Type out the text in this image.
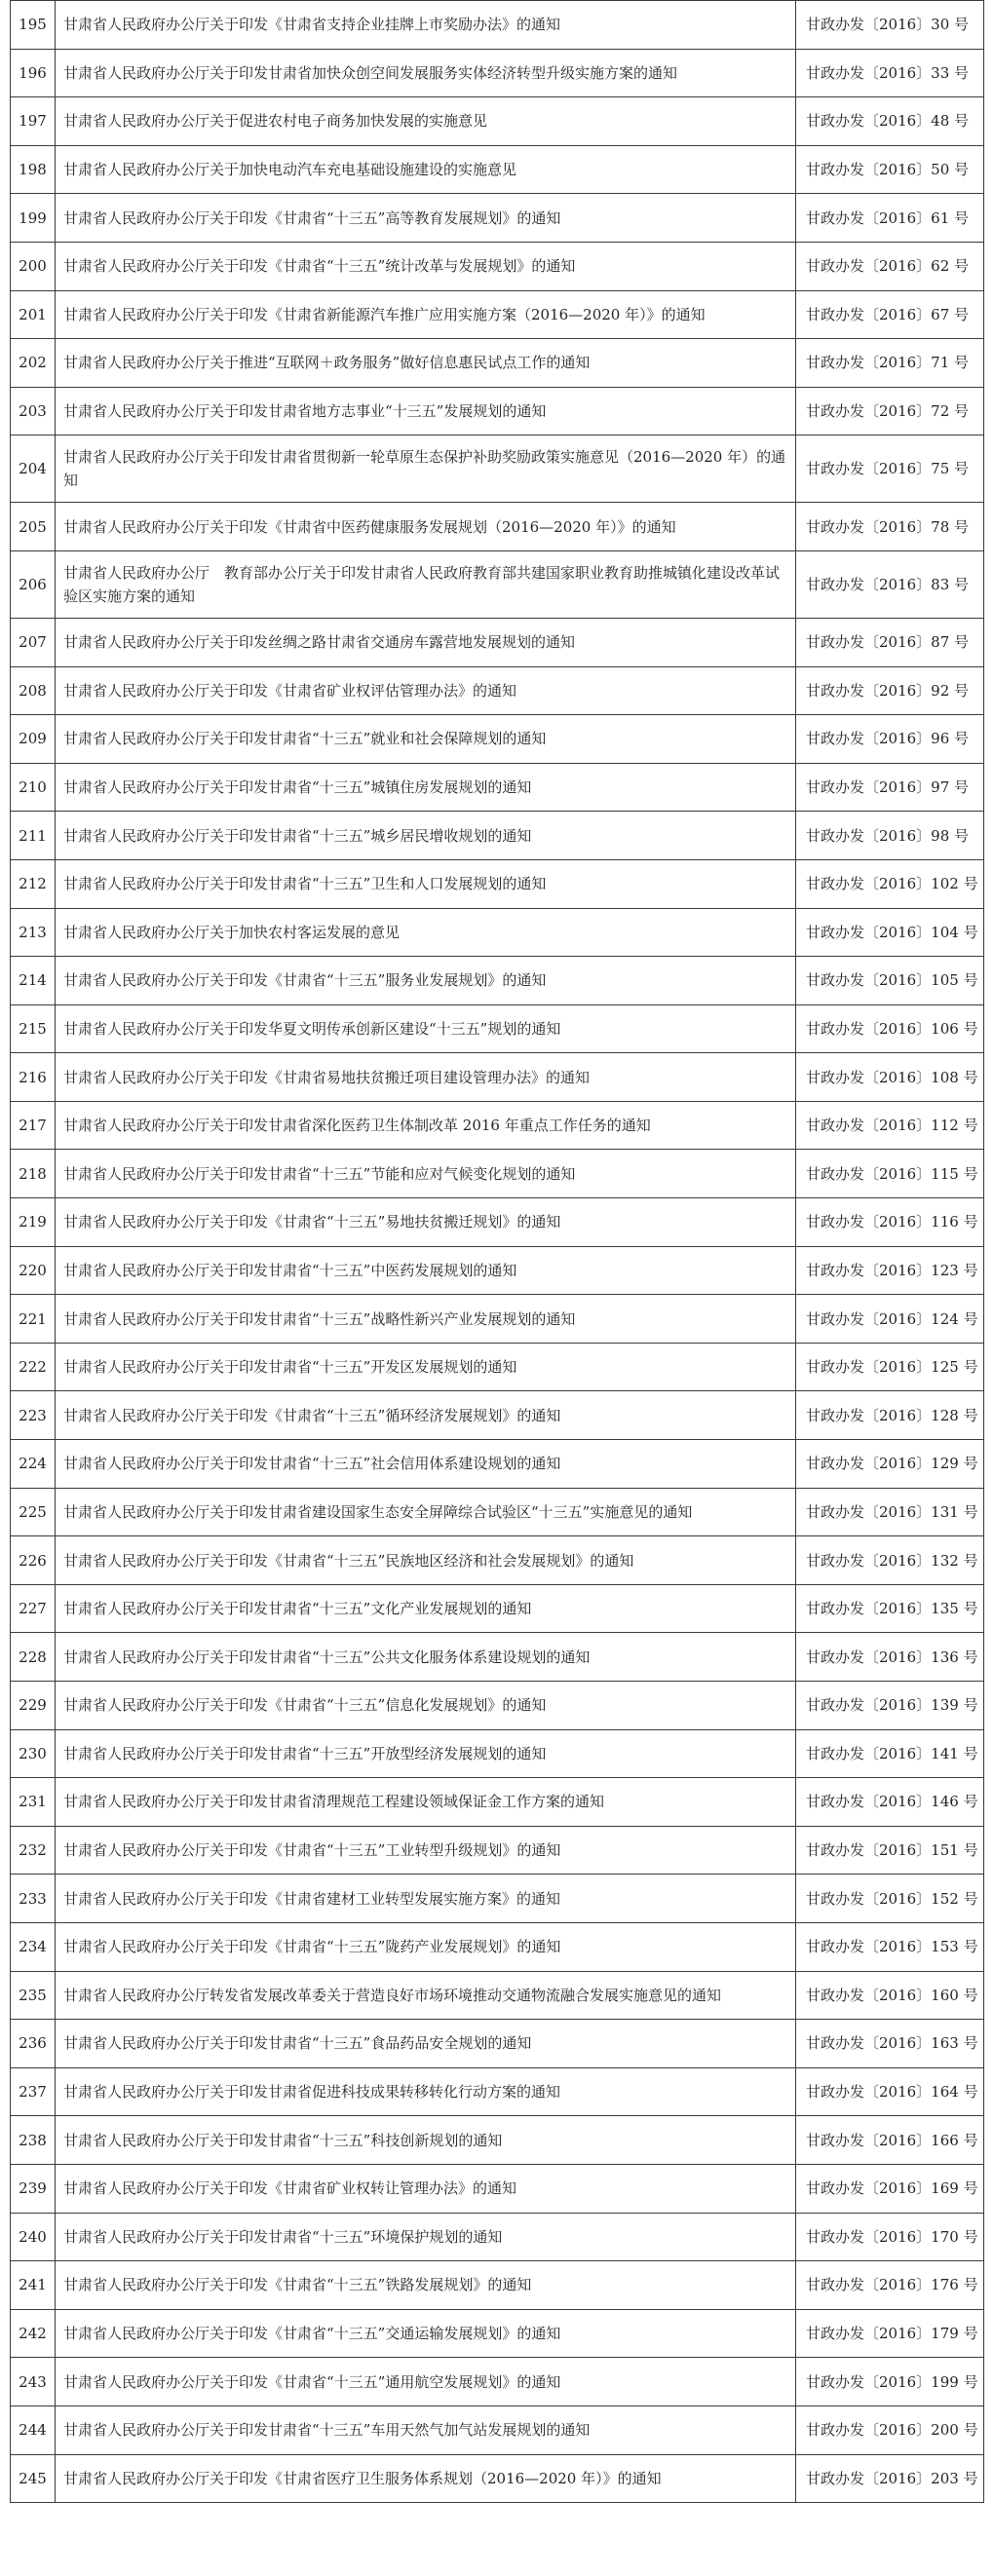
195	甘肃省人民政府办公厅关于印发《甘肃省支持企业挂牌上市奖励办法》的通知	甘政办发〔2016〕30 号
196	甘肃省人民政府办公厅关于印发甘肃省加快众创空间发展服务实体经济转型升级实施方案的通知	甘政办发〔2016〕33 号
197	甘肃省人民政府办公厅关于促进农村电子商务加快发展的实施意见	甘政办发〔2016〕48 号
198	甘肃省人民政府办公厅关于加快电动汽车充电基础设施建设的实施意见	甘政办发〔2016〕50 号
199	甘肃省人民政府办公厅关于印发《甘肃省“十三五”高等教育发展规划》的通知	甘政办发〔2016〕61 号
200	甘肃省人民政府办公厅关于印发《甘肃省“十三五”统计改革与发展规划》的通知	甘政办发〔2016〕62 号
201	甘肃省人民政府办公厅关于印发《甘肃省新能源汽车推广应用实施方案（2016—2020 年）》的通知	甘政办发〔2016〕67 号
202	甘肃省人民政府办公厅关于推进“互联网＋政务服务”做好信息惠民试点工作的通知	甘政办发〔2016〕71 号
203	甘肃省人民政府办公厅关于印发甘肃省地方志事业“十三五”发展规划的通知	甘政办发〔2016〕72 号
204	甘肃省人民政府办公厅关于印发甘肃省贯彻新一轮草原生态保护补助奖励政策实施意见（2016—2020 年）的通知	甘政办发〔2016〕75 号
205	甘肃省人民政府办公厅关于印发《甘肃省中医药健康服务发展规划（2016—2020 年）》的通知	甘政办发〔2016〕78 号
206	甘肃省人民政府办公厅　教育部办公厅关于印发甘肃省人民政府教育部共建国家职业教育助推城镇化建设改革试验区实施方案的通知	甘政办发〔2016〕83 号
207	甘肃省人民政府办公厅关于印发丝绸之路甘肃省交通房车露营地发展规划的通知	甘政办发〔2016〕87 号
208	甘肃省人民政府办公厅关于印发《甘肃省矿业权评估管理办法》的通知	甘政办发〔2016〕92 号
209	甘肃省人民政府办公厅关于印发甘肃省“十三五”就业和社会保障规划的通知	甘政办发〔2016〕96 号
210	甘肃省人民政府办公厅关于印发甘肃省“十三五”城镇住房发展规划的通知	甘政办发〔2016〕97 号
211	甘肃省人民政府办公厅关于印发甘肃省“十三五”城乡居民增收规划的通知	甘政办发〔2016〕98 号
212	甘肃省人民政府办公厅关于印发甘肃省“十三五”卫生和人口发展规划的通知	甘政办发〔2016〕102 号
213	甘肃省人民政府办公厅关于加快农村客运发展的意见	甘政办发〔2016〕104 号
214	甘肃省人民政府办公厅关于印发《甘肃省“十三五”服务业发展规划》的通知	甘政办发〔2016〕105 号
215	甘肃省人民政府办公厅关于印发华夏文明传承创新区建设“十三五”规划的通知	甘政办发〔2016〕106 号
216	甘肃省人民政府办公厅关于印发《甘肃省易地扶贫搬迁项目建设管理办法》的通知	甘政办发〔2016〕108 号
217	甘肃省人民政府办公厅关于印发甘肃省深化医药卫生体制改革 2016 年重点工作任务的通知	甘政办发〔2016〕112 号
218	甘肃省人民政府办公厅关于印发甘肃省“十三五”节能和应对气候变化规划的通知	甘政办发〔2016〕115 号
219	甘肃省人民政府办公厅关于印发《甘肃省“十三五”易地扶贫搬迁规划》的通知	甘政办发〔2016〕116 号
220	甘肃省人民政府办公厅关于印发甘肃省“十三五”中医药发展规划的通知	甘政办发〔2016〕123 号
221	甘肃省人民政府办公厅关于印发甘肃省“十三五”战略性新兴产业发展规划的通知	甘政办发〔2016〕124 号
222	甘肃省人民政府办公厅关于印发甘肃省“十三五”开发区发展规划的通知	甘政办发〔2016〕125 号
223	甘肃省人民政府办公厅关于印发《甘肃省“十三五”循环经济发展规划》的通知	甘政办发〔2016〕128 号
224	甘肃省人民政府办公厅关于印发甘肃省“十三五”社会信用体系建设规划的通知	甘政办发〔2016〕129 号
225	甘肃省人民政府办公厅关于印发甘肃省建设国家生态安全屏障综合试验区“十三五”实施意见的通知	甘政办发〔2016〕131 号
226	甘肃省人民政府办公厅关于印发《甘肃省“十三五”民族地区经济和社会发展规划》的通知	甘政办发〔2016〕132 号
227	甘肃省人民政府办公厅关于印发甘肃省“十三五”文化产业发展规划的通知	甘政办发〔2016〕135 号
228	甘肃省人民政府办公厅关于印发甘肃省“十三五”公共文化服务体系建设规划的通知	甘政办发〔2016〕136 号
229	甘肃省人民政府办公厅关于印发《甘肃省“十三五”信息化发展规划》的通知	甘政办发〔2016〕139 号
230	甘肃省人民政府办公厅关于印发甘肃省“十三五”开放型经济发展规划的通知	甘政办发〔2016〕141 号
231	甘肃省人民政府办公厅关于印发甘肃省清理规范工程建设领域保证金工作方案的通知	甘政办发〔2016〕146 号
232	甘肃省人民政府办公厅关于印发《甘肃省“十三五”工业转型升级规划》的通知	甘政办发〔2016〕151 号
233	甘肃省人民政府办公厅关于印发《甘肃省建材工业转型发展实施方案》的通知	甘政办发〔2016〕152 号
234	甘肃省人民政府办公厅关于印发《甘肃省“十三五”陇药产业发展规划》的通知	甘政办发〔2016〕153 号
235	甘肃省人民政府办公厅转发省发展改革委关于营造良好市场环境推动交通物流融合发展实施意见的通知	甘政办发〔2016〕160 号
236	甘肃省人民政府办公厅关于印发甘肃省“十三五”食品药品安全规划的通知	甘政办发〔2016〕163 号
237	甘肃省人民政府办公厅关于印发甘肃省促进科技成果转移转化行动方案的通知	甘政办发〔2016〕164 号
238	甘肃省人民政府办公厅关于印发甘肃省“十三五”科技创新规划的通知	甘政办发〔2016〕166 号
239	甘肃省人民政府办公厅关于印发《甘肃省矿业权转让管理办法》的通知	甘政办发〔2016〕169 号
240	甘肃省人民政府办公厅关于印发甘肃省“十三五”环境保护规划的通知	甘政办发〔2016〕170 号
241	甘肃省人民政府办公厅关于印发《甘肃省“十三五”铁路发展规划》的通知	甘政办发〔2016〕176 号
242	甘肃省人民政府办公厅关于印发《甘肃省“十三五”交通运输发展规划》的通知	甘政办发〔2016〕179 号
243	甘肃省人民政府办公厅关于印发《甘肃省“十三五”通用航空发展规划》的通知	甘政办发〔2016〕199 号
244	甘肃省人民政府办公厅关于印发甘肃省“十三五”车用天然气加气站发展规划的通知	甘政办发〔2016〕200 号
245	甘肃省人民政府办公厅关于印发《甘肃省医疗卫生服务体系规划（2016—2020 年）》的通知	甘政办发〔2016〕203 号
